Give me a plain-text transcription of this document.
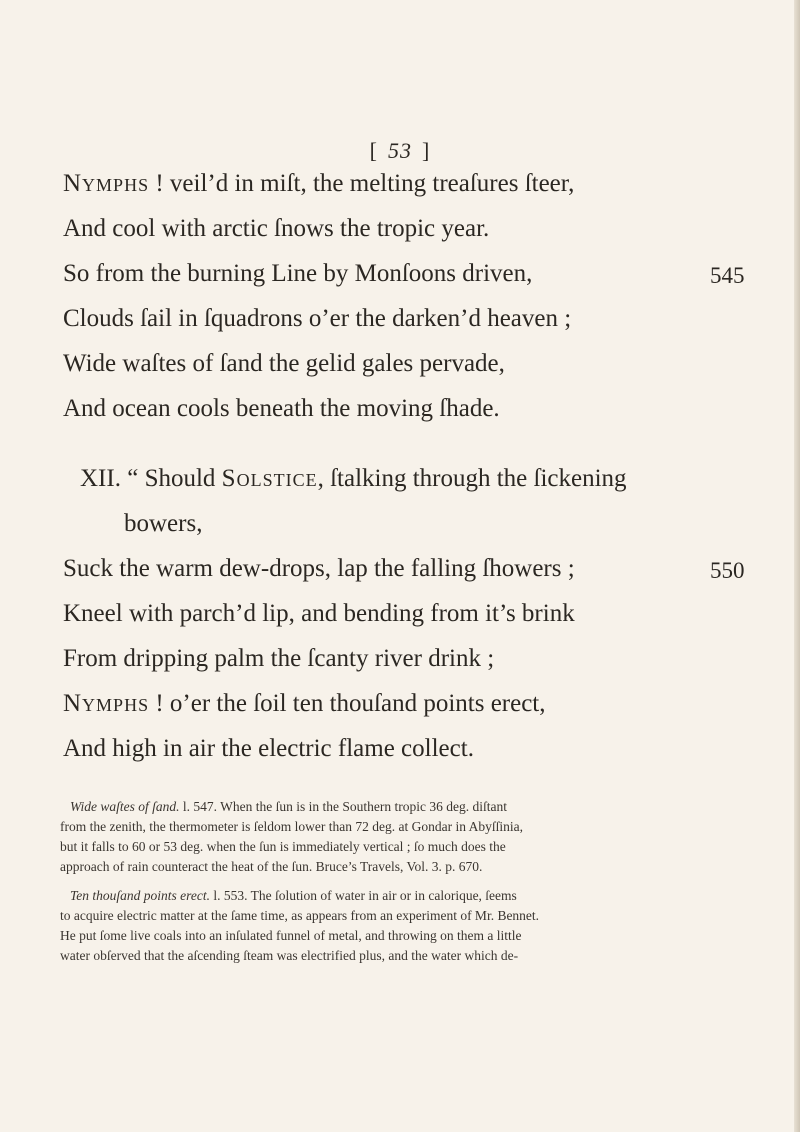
[ 53 ]
Nymphs ! veil’d in miſt, the melting treaſures ſteer,
And cool with arctic ſnows the tropic year.
So from the burning Line by Monſoons driven,	545
Clouds ſail in ſquadrons o’er the darken’d heaven ;
Wide waſtes of ſand the gelid gales pervade,
And ocean cools beneath the moving ſhade.
XII. “ Should Solstice, ſtalking through the ſickening
bowers,
Suck the warm dew-drops, lap the falling ſhowers ;	550
Kneel with parch’d lip, and bending from it’s brink
From dripping palm the ſcanty river drink ;
Nymphs ! o’er the ſoil ten thouſand points erect,
And high in air the electric flame collect.
Wide waſtes of ſand. l. 547. When the ſun is in the Southern tropic 36 deg. diſtant
from the zenith, the thermometer is ſeldom lower than 72 deg. at Gondar in Abyſſinia,
but it falls to 60 or 53 deg. when the ſun is immediately vertical ; ſo much does the
approach of rain counteract the heat of the ſun. Bruce’s Travels, Vol. 3. p. 670.
Ten thouſand points erect. l. 553. The ſolution of water in air or in calorique, ſeems
to acquire electric matter at the ſame time, as appears from an experiment of Mr. Bennet.
He put ſome live coals into an inſulated funnel of metal, and throwing on them a little
water obſerved that the aſcending ſteam was electrified plus, and the water which de-
